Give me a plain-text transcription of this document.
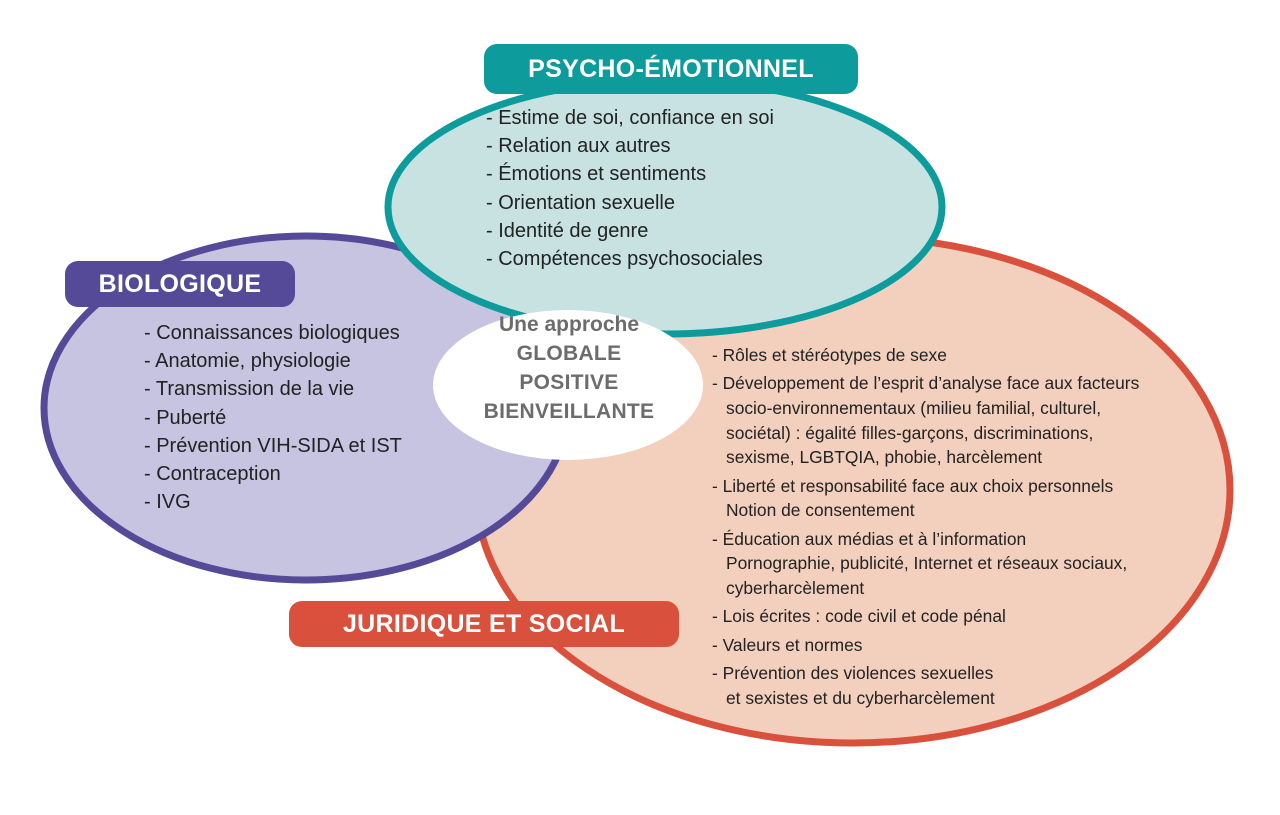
PSYCHO-ÉMOTIONNEL
BIOLOGIQUE
JURIDIQUE ET SOCIAL
- Estime de soi, confiance en soi
- Relation aux autres
- Émotions et sentiments
- Orientation sexuelle
- Identité de genre
- Compétences psychosociales
- Connaissances biologiques
- Anatomie, physiologie
- Transmission de la vie
- Puberté
- Prévention VIH-SIDA et IST
- Contraception
- IVG
- Rôles et stéréotypes de sexe
- Développement de l’esprit d’analyse face aux facteurs
socio-environnementaux (milieu familial, culturel,
sociétal) : égalité filles-garçons, discriminations,
sexisme, LGBTQIA, phobie, harcèlement
- Liberté et responsabilité face aux choix personnels
Notion de consentement
- Éducation aux médias et à l’information
Pornographie, publicité, Internet et réseaux sociaux,
cyberharcèlement
- Lois écrites : code civil et code pénal
- Valeurs et normes
- Prévention des violences sexuelles
et sexistes et du cyberharcèlement
Une approche
GLOBALE
POSITIVE
BIENVEILLANTE
